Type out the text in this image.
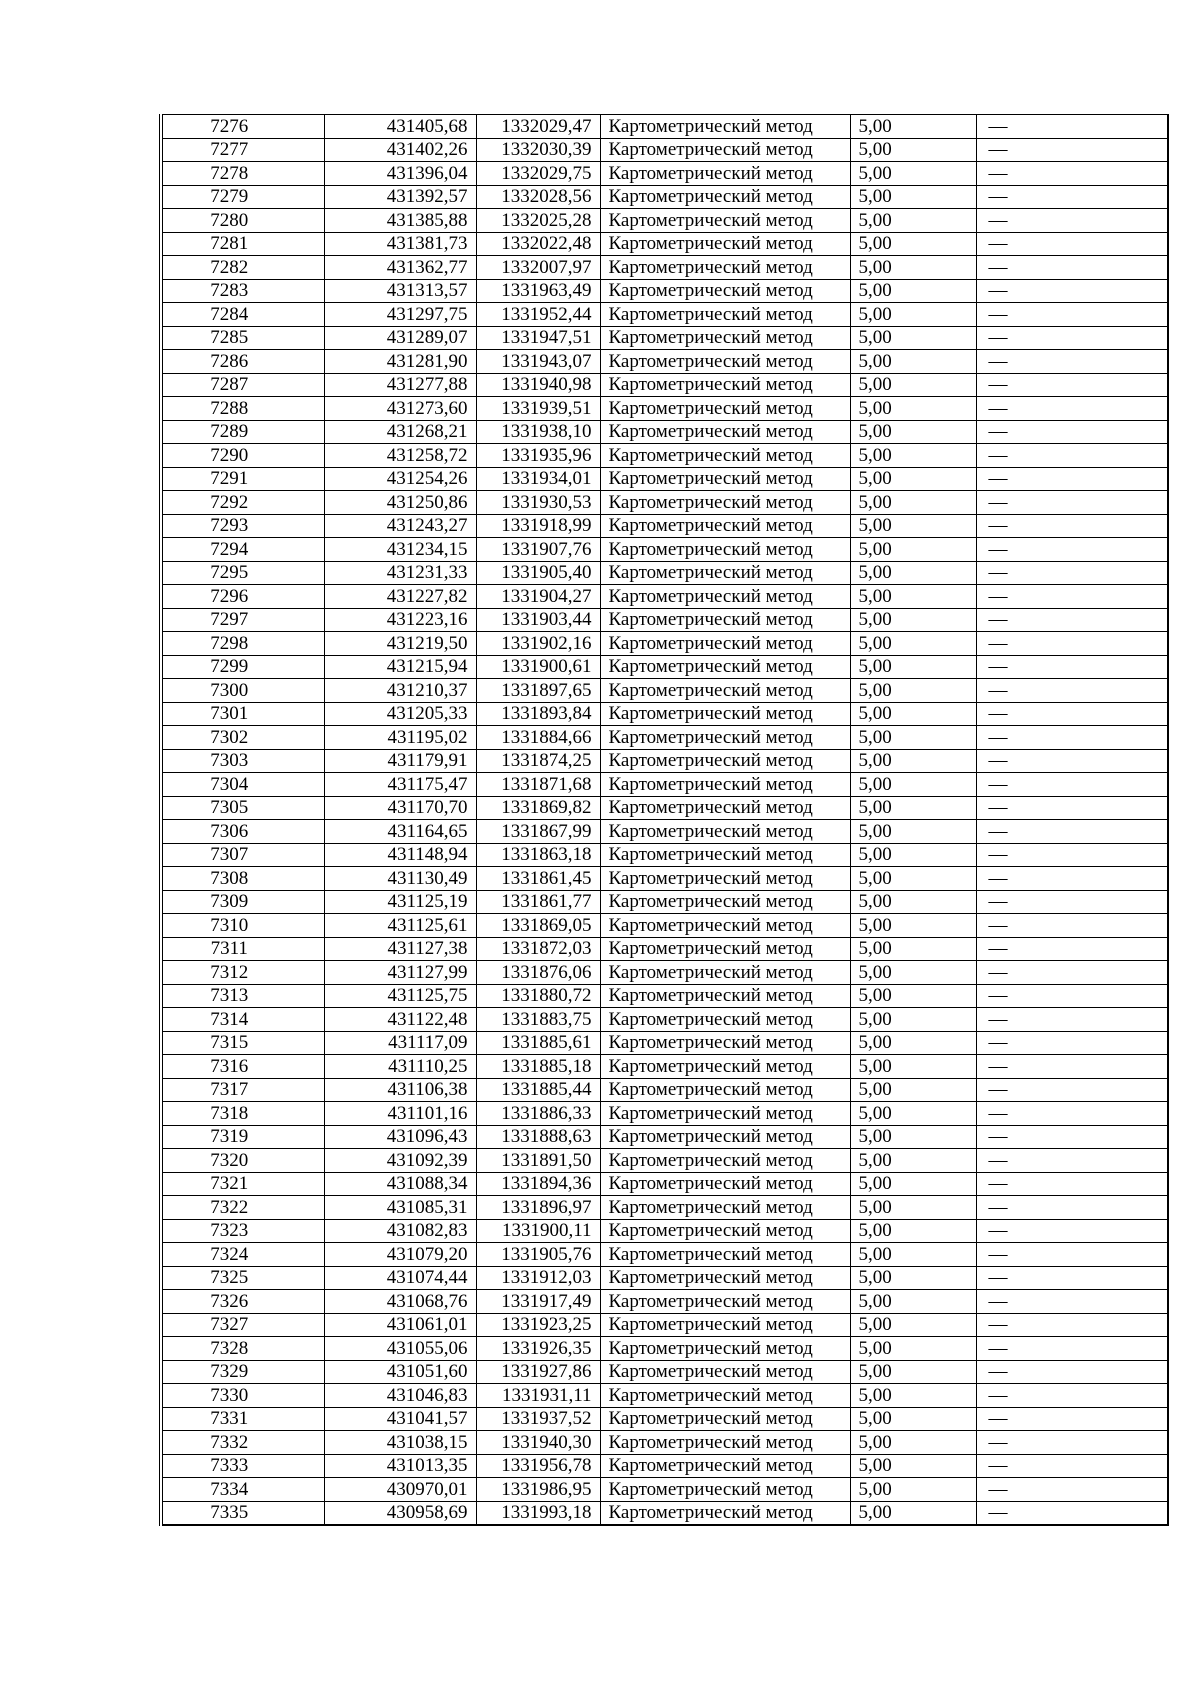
7276	431405,68	1332029,47	Картометрический метод	5,00	—
7277	431402,26	1332030,39	Картометрический метод	5,00	—
7278	431396,04	1332029,75	Картометрический метод	5,00	—
7279	431392,57	1332028,56	Картометрический метод	5,00	—
7280	431385,88	1332025,28	Картометрический метод	5,00	—
7281	431381,73	1332022,48	Картометрический метод	5,00	—
7282	431362,77	1332007,97	Картометрический метод	5,00	—
7283	431313,57	1331963,49	Картометрический метод	5,00	—
7284	431297,75	1331952,44	Картометрический метод	5,00	—
7285	431289,07	1331947,51	Картометрический метод	5,00	—
7286	431281,90	1331943,07	Картометрический метод	5,00	—
7287	431277,88	1331940,98	Картометрический метод	5,00	—
7288	431273,60	1331939,51	Картометрический метод	5,00	—
7289	431268,21	1331938,10	Картометрический метод	5,00	—
7290	431258,72	1331935,96	Картометрический метод	5,00	—
7291	431254,26	1331934,01	Картометрический метод	5,00	—
7292	431250,86	1331930,53	Картометрический метод	5,00	—
7293	431243,27	1331918,99	Картометрический метод	5,00	—
7294	431234,15	1331907,76	Картометрический метод	5,00	—
7295	431231,33	1331905,40	Картометрический метод	5,00	—
7296	431227,82	1331904,27	Картометрический метод	5,00	—
7297	431223,16	1331903,44	Картометрический метод	5,00	—
7298	431219,50	1331902,16	Картометрический метод	5,00	—
7299	431215,94	1331900,61	Картометрический метод	5,00	—
7300	431210,37	1331897,65	Картометрический метод	5,00	—
7301	431205,33	1331893,84	Картометрический метод	5,00	—
7302	431195,02	1331884,66	Картометрический метод	5,00	—
7303	431179,91	1331874,25	Картометрический метод	5,00	—
7304	431175,47	1331871,68	Картометрический метод	5,00	—
7305	431170,70	1331869,82	Картометрический метод	5,00	—
7306	431164,65	1331867,99	Картометрический метод	5,00	—
7307	431148,94	1331863,18	Картометрический метод	5,00	—
7308	431130,49	1331861,45	Картометрический метод	5,00	—
7309	431125,19	1331861,77	Картометрический метод	5,00	—
7310	431125,61	1331869,05	Картометрический метод	5,00	—
7311	431127,38	1331872,03	Картометрический метод	5,00	—
7312	431127,99	1331876,06	Картометрический метод	5,00	—
7313	431125,75	1331880,72	Картометрический метод	5,00	—
7314	431122,48	1331883,75	Картометрический метод	5,00	—
7315	431117,09	1331885,61	Картометрический метод	5,00	—
7316	431110,25	1331885,18	Картометрический метод	5,00	—
7317	431106,38	1331885,44	Картометрический метод	5,00	—
7318	431101,16	1331886,33	Картометрический метод	5,00	—
7319	431096,43	1331888,63	Картометрический метод	5,00	—
7320	431092,39	1331891,50	Картометрический метод	5,00	—
7321	431088,34	1331894,36	Картометрический метод	5,00	—
7322	431085,31	1331896,97	Картометрический метод	5,00	—
7323	431082,83	1331900,11	Картометрический метод	5,00	—
7324	431079,20	1331905,76	Картометрический метод	5,00	—
7325	431074,44	1331912,03	Картометрический метод	5,00	—
7326	431068,76	1331917,49	Картометрический метод	5,00	—
7327	431061,01	1331923,25	Картометрический метод	5,00	—
7328	431055,06	1331926,35	Картометрический метод	5,00	—
7329	431051,60	1331927,86	Картометрический метод	5,00	—
7330	431046,83	1331931,11	Картометрический метод	5,00	—
7331	431041,57	1331937,52	Картометрический метод	5,00	—
7332	431038,15	1331940,30	Картометрический метод	5,00	—
7333	431013,35	1331956,78	Картометрический метод	5,00	—
7334	430970,01	1331986,95	Картометрический метод	5,00	—
7335	430958,69	1331993,18	Картометрический метод	5,00	—
